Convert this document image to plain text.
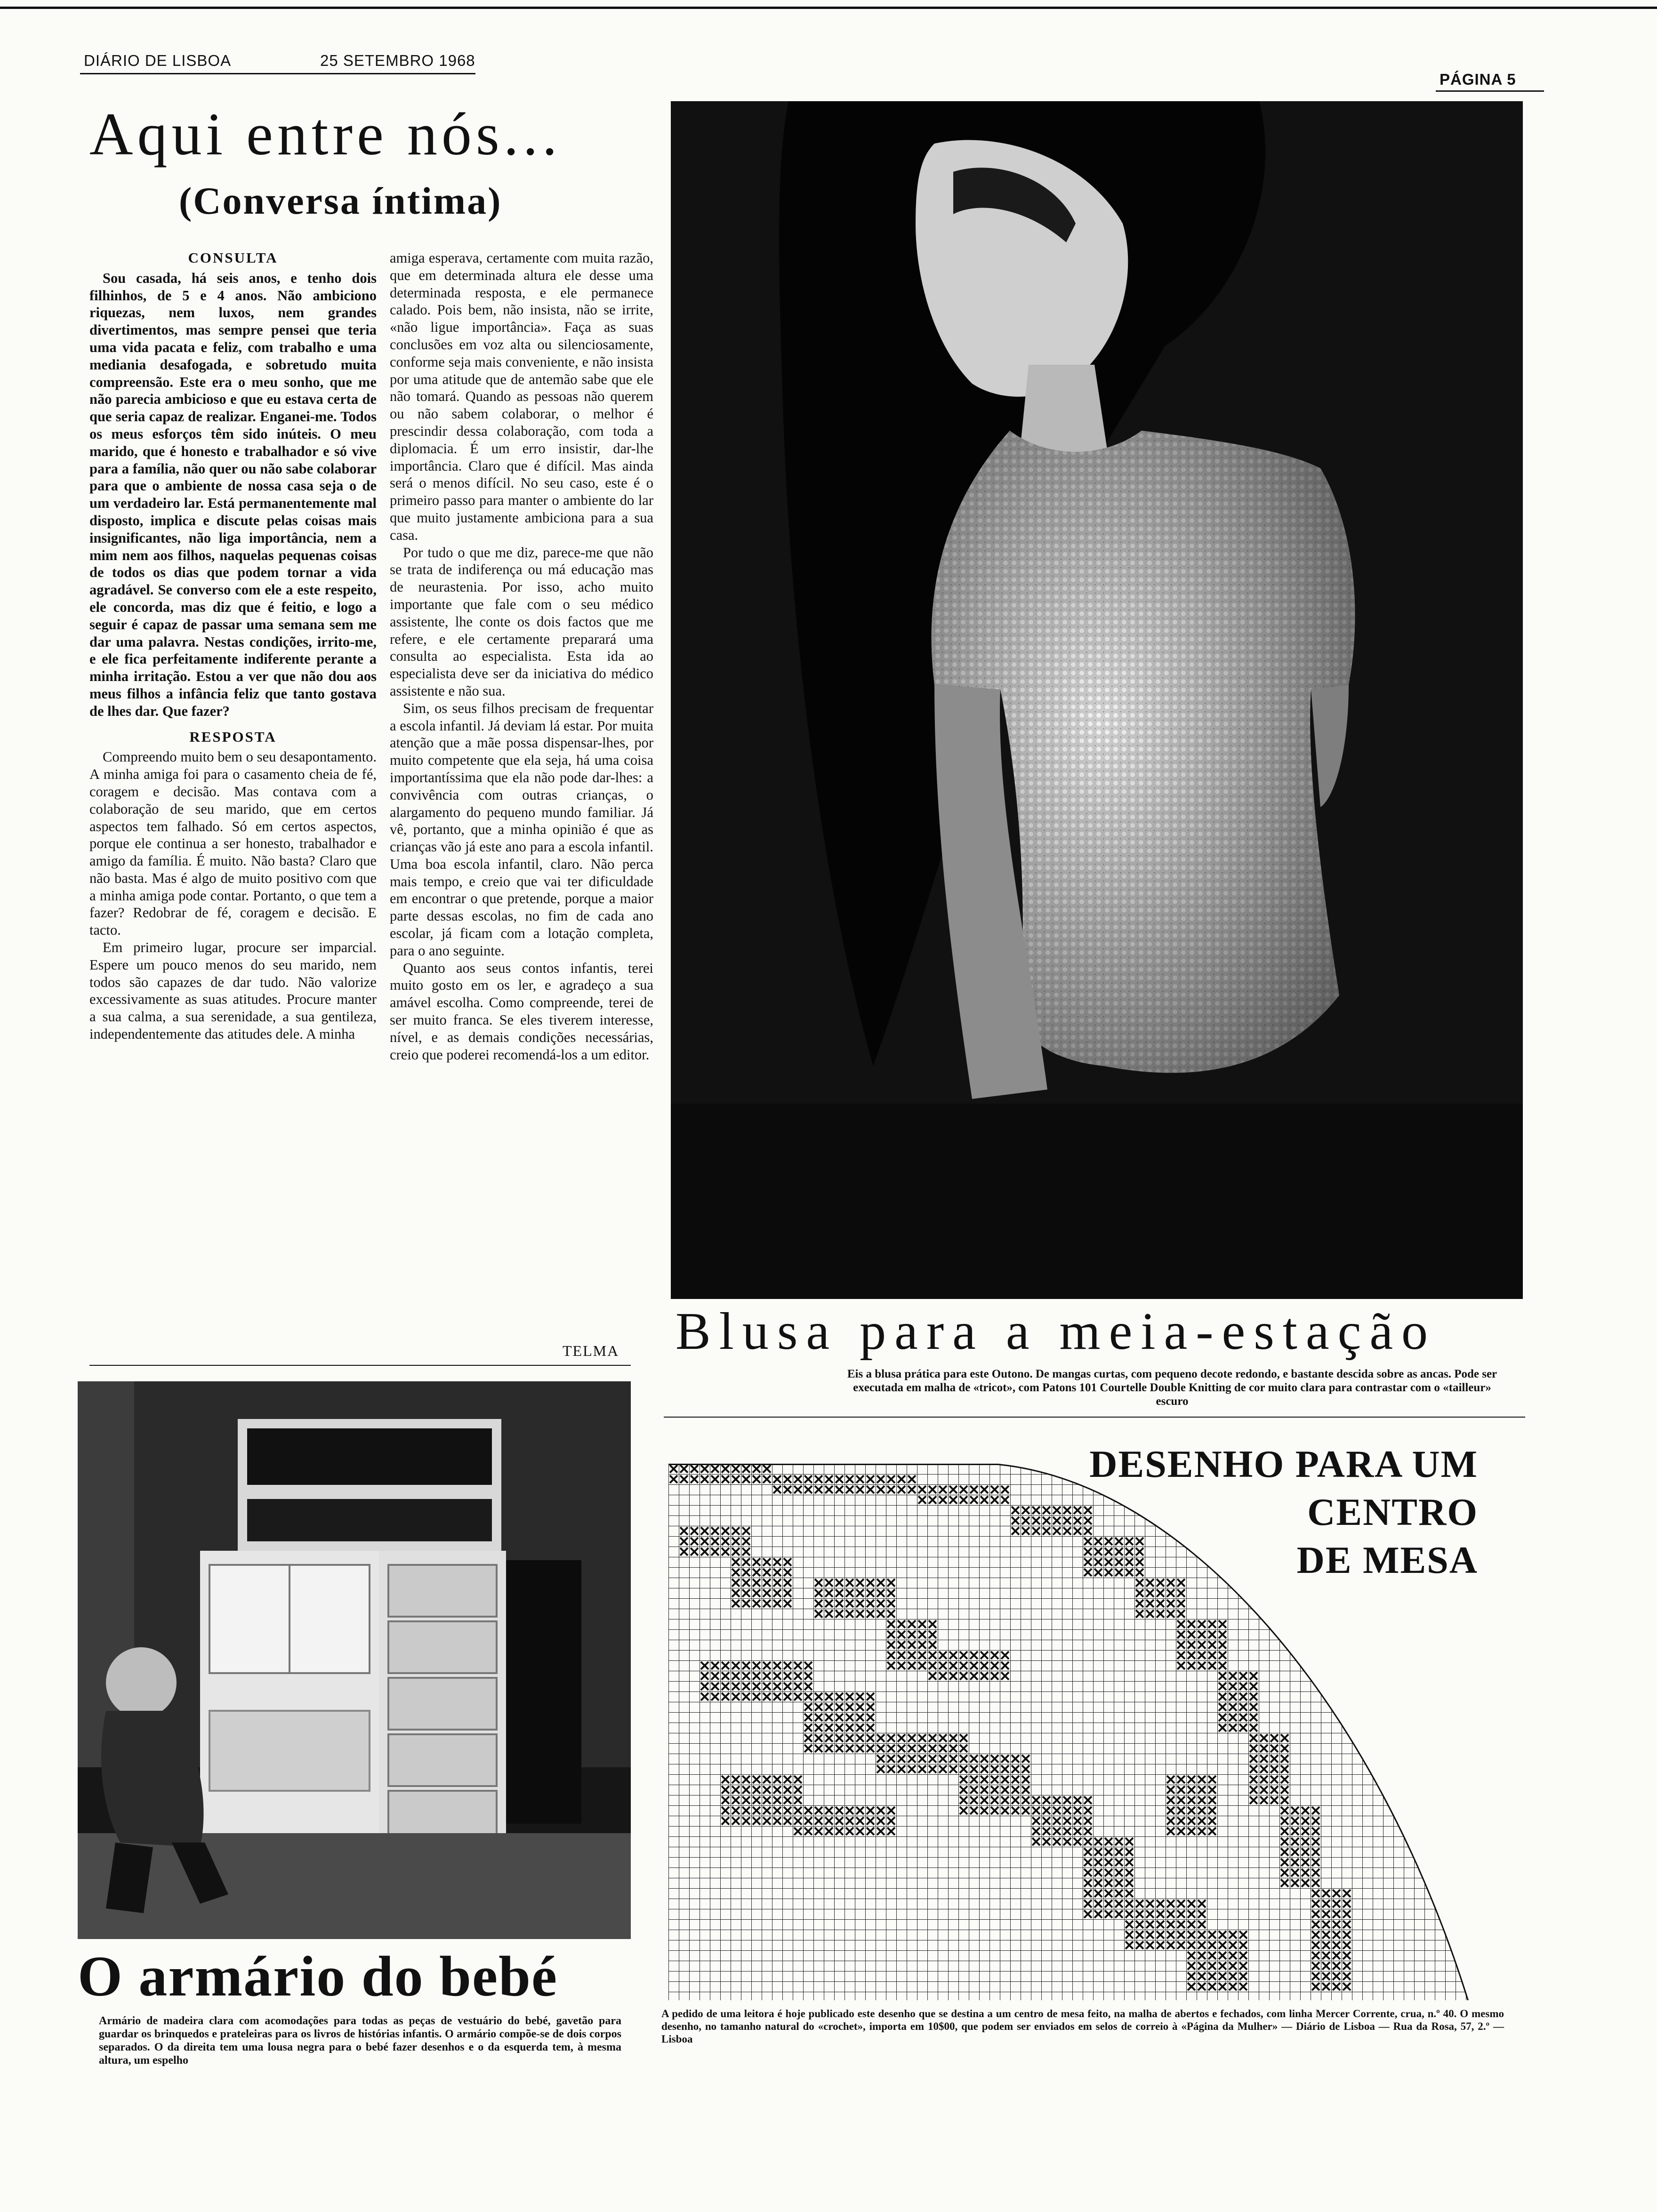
DIÁRIO DE LISBOA	25 SETEMBRO 1968
PÁGINA 5
Aqui entre nós...
(Conversa íntima)
CONSULTA

Sou casada, há seis anos, e tenho dois filhinhos, de 5 e 4 anos. Não ambiciono riquezas, nem luxos, nem grandes divertimentos, mas sempre pensei que teria uma vida pacata e feliz, com trabalho e uma mediania desafogada, e sobretudo muita compreensão. Este era o meu sonho, que me não parecia ambicioso e que eu estava certa de que seria capaz de realizar. Enganei-me. Todos os meus esforços têm sido inúteis. O meu marido, que é honesto e trabalhador e só vive para a família, não quer ou não sabe colaborar para que o ambiente de nossa casa seja o de um verdadeiro lar. Está permanentemente mal disposto, implica e discute pelas coisas mais insignificantes, não liga importância, nem a mim nem aos filhos, naquelas pequenas coisas de todos os dias que podem tornar a vida agradável. Se converso com ele a este respeito, ele concorda, mas diz que é feitio, e logo a seguir é capaz de passar uma semana sem me dar uma palavra. Nestas condições, irrito-me, e ele fica perfeitamente indiferente perante a minha irritação. Estou a ver que não dou aos meus filhos a infância feliz que tanto gostava de lhes dar. Que fazer?

RESPOSTA

Compreendo muito bem o seu desapontamento. A minha amiga foi para o casamento cheia de fé, coragem e decisão. Mas contava com a colaboração de seu marido, que em certos aspectos tem falhado. Só em certos aspectos, porque ele continua a ser honesto, trabalhador e amigo da família. É muito. Não basta? Claro que não basta. Mas é algo de muito positivo com que a minha amiga pode contar. Portanto, o que tem a fazer? Redobrar de fé, coragem e decisão. E tacto.

Em primeiro lugar, procure ser imparcial. Espere um pouco menos do seu marido, nem todos são capazes de dar tudo. Não valorize excessivamente as suas atitudes. Procure manter a sua calma, a sua serenidade, a sua gentileza, independentemente das atitudes dele. A minha

amiga esperava, certamente com muita razão, que em determinada altura ele desse uma determinada resposta, e ele permanece calado. Pois bem, não insista, não se irrite, «não ligue importância». Faça as suas conclusões em voz alta ou silenciosamente, conforme seja mais conveniente, e não insista por uma atitude que de antemão sabe que ele não tomará. Quando as pessoas não querem ou não sabem colaborar, o melhor é prescindir dessa colaboração, com toda a diplomacia. É um erro insistir, dar-lhe importância. Claro que é difícil. Mas ainda será o menos difícil. No seu caso, este é o primeiro passo para manter o ambiente do lar que muito justamente ambiciona para a sua casa.

Por tudo o que me diz, parece-me que não se trata de indiferença ou má educação mas de neurastenia. Por isso, acho muito importante que fale com o seu médico assistente, lhe conte os dois factos que me refere, e ele certamente preparará uma consulta ao especialista. Esta ida ao especialista deve ser da iniciativa do médico assistente e não sua.

Sim, os seus filhos precisam de frequentar a escola infantil. Já deviam lá estar. Por muita atenção que a mãe possa dispensar-lhes, por muito competente que ela seja, há uma coisa importantíssima que ela não pode dar-lhes: a convivência com outras crianças, o alargamento do pequeno mundo familiar. Já vê, portanto, que a minha opinião é que as crianças vão já este ano para a escola infantil. Uma boa escola infantil, claro. Não perca mais tempo, e creio que vai ter dificuldade em encontrar o que pretende, porque a maior parte dessas escolas, no fim de cada ano escolar, já ficam com a lotação completa, para o ano seguinte.

Quanto aos seus contos infantis, terei muito gosto em os ler, e agradeço a sua amável escolha. Como compreende, terei de ser muito franca. Se eles tiverem interesse, nível, e as demais condições necessárias, creio que poderei recomendá-los a um editor.

TELMA Blusa para a meia-estação
Eis a blusa prática para este Outono. De mangas curtas, com pequeno decote redondo, e bastante descida sobre as ancas. Pode ser executada em malha de «tricot», com Patons 101 Courtelle Double Knitting de cor muito clara para contrastar com o «tailleur» escuro
O armário do bebé
Armário de madeira clara com acomodações para todas as peças de vestuário do bebé, gavetão para guardar os brinquedos e prateleiras para os livros de histórias infantis. O armário compõe-se de dois corpos separados. O da direita tem uma lousa negra para o bebé fazer desenhos e o da esquerda tem, à mesma altura, um espelho
DESENHO PARA UM
CENTRO
DE MESA
A pedido de uma leitora é hoje publicado este desenho que se destina a um centro de mesa feito, na malha de abertos e fechados, com linha Mercer Corrente, crua, n.º 40. O mesmo desenho, no tamanho natural do «crochet», importa em 10$00, que podem ser enviados em selos de correio à «Página da Mulher» — Diário de Lisboa — Rua da Rosa, 57, 2.º — Lisboa
